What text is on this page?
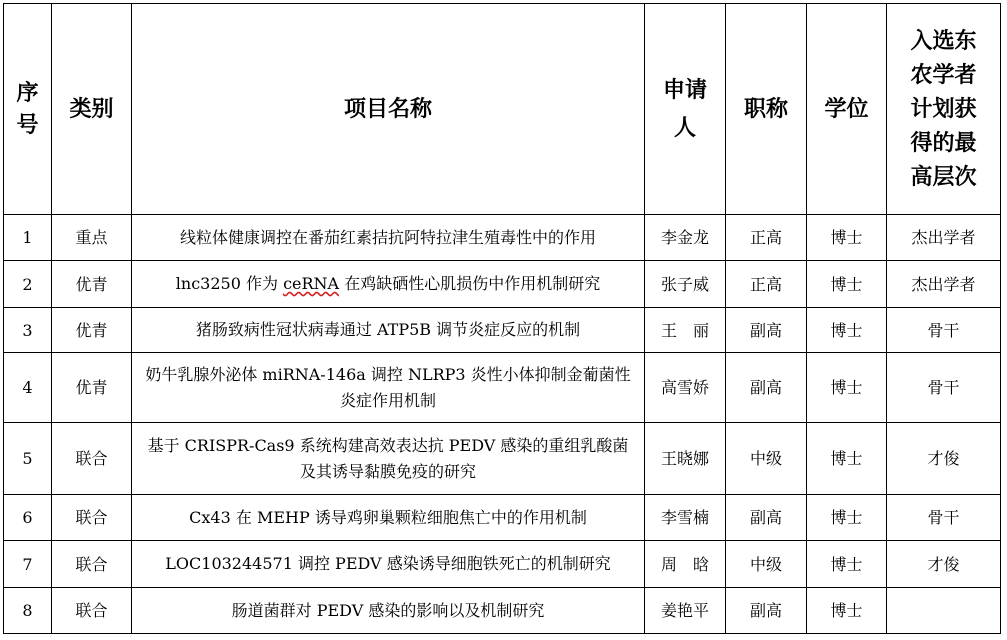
序号	类别	项目名称	申请人	职称	学位	入选东农学者计划获得的最高层次

1	重点	线粒体健康调控在番茄红素拮抗阿特拉津生殖毒性中的作用	李金龙	正高	博士	杰出学者
2	优青	lnc3250 作为 ceRNA 在鸡缺硒性心肌损伤中作用机制研究	张子威	正高	博士	杰出学者
3	优青	猪肠致病性冠状病毒通过 ATP5B 调节炎症反应的机制	王　丽	副高	博士	骨干
4	优青	奶牛乳腺外泌体 miRNA-146a 调控 NLRP3 炎性小体抑制金葡菌性炎症作用机制	高雪娇	副高	博士	骨干
5	联合	基于 CRISPR-Cas9 系统构建高效表达抗 PEDV 感染的重组乳酸菌及其诱导黏膜免疫的研究	王晓娜	中级	博士	才俊
6	联合	Cx43 在 MEHP 诱导鸡卵巢颗粒细胞焦亡中的作用机制	李雪楠	副高	博士	骨干
7	联合	LOC103244571 调控 PEDV 感染诱导细胞铁死亡的机制研究	周　晗	中级	博士	才俊
8	联合	肠道菌群对 PEDV 感染的影响以及机制研究	姜艳平	副高	博士	
